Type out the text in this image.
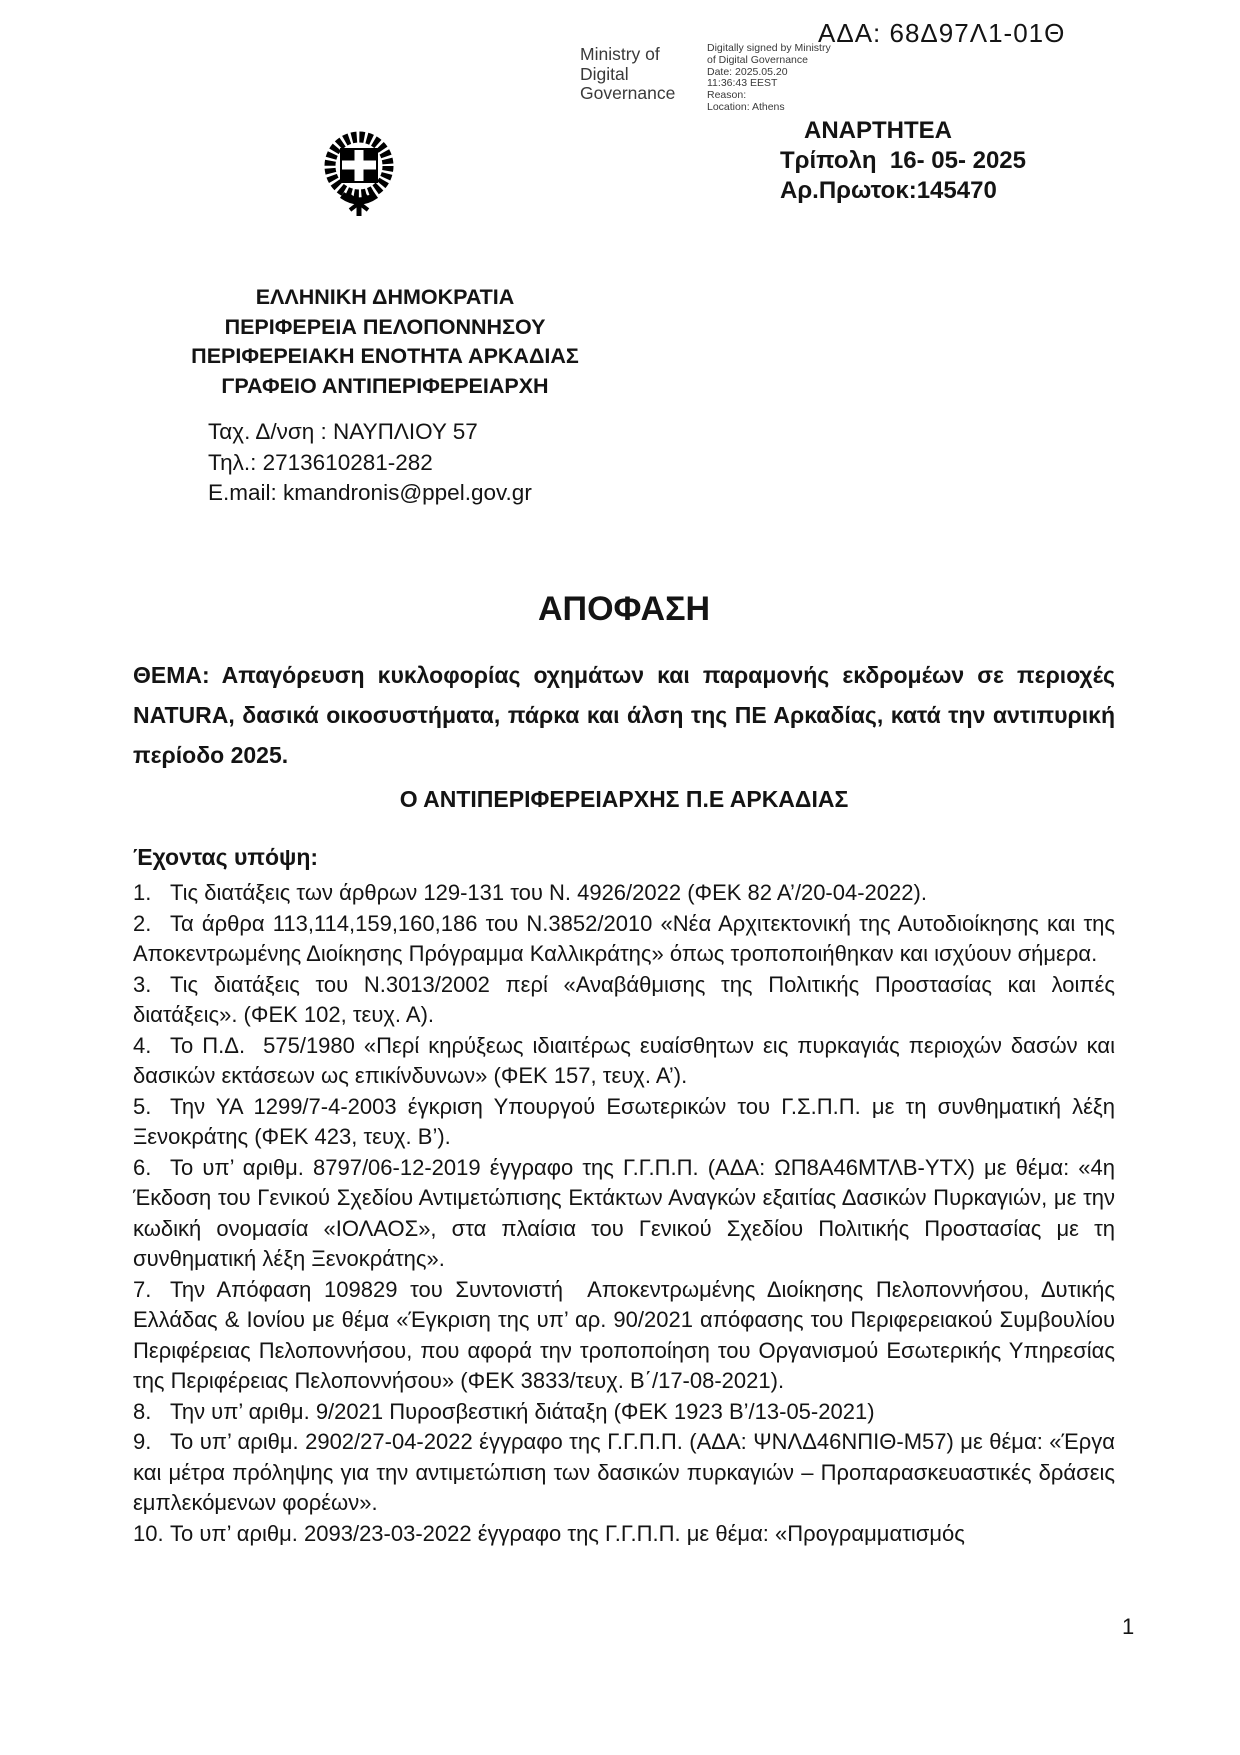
ΑΔΑ: 68Δ97Λ1-01Θ
Ministry of
Digital
Governance
Digitally signed by Ministry
of Digital Governance
Date: 2025.05.20
11:36:43 EEST
Reason:
Location: Athens
ΑΝΑΡΤΗΤΕΑ
Τρίπολη  16- 05- 2025
Αρ.Πρωτοκ:145470
ΕΛΛΗΝΙΚΗ ΔΗΜΟΚΡΑΤΙΑ
ΠΕΡΙΦΕΡΕΙΑ ΠΕΛΟΠΟΝΝΗΣΟΥ
ΠΕΡΙΦΕΡΕΙΑΚΗ ΕΝΟΤΗΤΑ ΑΡΚΑΔΙΑΣ
ΓΡΑΦΕΙΟ ΑΝΤΙΠΕΡΙΦΕΡΕΙΑΡΧΗ
Ταχ. Δ/νση : ΝΑΥΠΛΙΟΥ 57
Τηλ.: 2713610281-282
E.mail: kmandronis@ppel.gov.gr
ΑΠΟΦΑΣΗ

ΘΕΜΑ: Απαγόρευση κυκλοφορίας οχημάτων και παραμονής εκδρομέων σε περιοχές NATURA, δασικά οικοσυστήματα, πάρκα και άλση της ΠΕ Αρκαδίας, κατά την αντιπυρική περίοδο 2025.

Ο ΑΝΤΙΠΕΡΙΦΕΡΕΙΑΡΧΗΣ Π.Ε ΑΡΚΑΔΙΑΣ

Έχοντας υπόψη:

1. Τις διατάξεις των άρθρων 129-131 του Ν. 4926/2022 (ΦΕΚ 82 Α’/20-04-2022).

2. Τα άρθρα 113,114,159,160,186 του Ν.3852/2010 «Νέα Αρχιτεκτονική της Αυτοδιοίκησης και της Αποκεντρωμένης Διοίκησης Πρόγραμμα Καλλικράτης» όπως τροποποιήθηκαν και ισχύουν σήμερα.

3. Τις διατάξεις του Ν.3013/2002 περί «Αναβάθμισης της Πολιτικής Προστασίας και λοιπές διατάξεις». (ΦΕΚ 102, τευχ. Α).

4. Το Π.Δ.  575/1980 «Περί κηρύξεως ιδιαιτέρως ευαίσθητων εις πυρκαγιάς περιοχών δασών και δασικών εκτάσεων ως επικίνδυνων» (ΦΕΚ 157, τευχ. Α’).

5. Την ΥΑ 1299/7-4-2003 έγκριση Υπουργού Εσωτερικών του Γ.Σ.Π.Π. με τη συνθηματική λέξη Ξενοκράτης (ΦΕΚ 423, τευχ. Β’).

6. Το υπ’ αριθμ. 8797/06-12-2019 έγγραφο της Γ.Γ.Π.Π. (ΑΔΑ: ΩΠ8Α46ΜΤΛΒ-ΥΤΧ) με θέμα: «4η Έκδοση του Γενικού Σχεδίου Αντιμετώπισης Εκτάκτων Αναγκών εξαιτίας Δασικών Πυρκαγιών, με την κωδική ονομασία «ΙΟΛΑΟΣ», στα πλαίσια του Γενικού Σχεδίου Πολιτικής Προστασίας με τη συνθηματική λέξη Ξενοκράτης».

7. Την Απόφαση 109829 του Συντονιστή  Αποκεντρωμένης Διοίκησης Πελοποννήσου, Δυτικής Ελλάδας & Ιονίου με θέμα «Έγκριση της υπ’ αρ. 90/2021 απόφασης του Περιφερειακού Συμβουλίου Περιφέρειας Πελοποννήσου, που αφορά την τροποποίηση του Οργανισμού Εσωτερικής Υπηρεσίας της Περιφέρειας Πελοποννήσου» (ΦΕΚ 3833/τευχ. Β΄/17-08-2021).

8. Την υπ’ αριθμ. 9/2021 Πυροσβεστική διάταξη (ΦΕΚ 1923 Β’/13-05-2021)

9. Το υπ’ αριθμ. 2902/27-04-2022 έγγραφο της Γ.Γ.Π.Π. (ΑΔΑ: ΨΝΛΔ46ΝΠΙΘ-Μ57) με θέμα: «Έργα και μέτρα πρόληψης για την αντιμετώπιση των δασικών πυρκαγιών – Προπαρασκευαστικές δράσεις εμπλεκόμενων φορέων».

10. Το υπ’ αριθμ. 2093/23-03-2022 έγγραφο της Γ.Γ.Π.Π. με θέμα: «Προγραμματισμός

1
